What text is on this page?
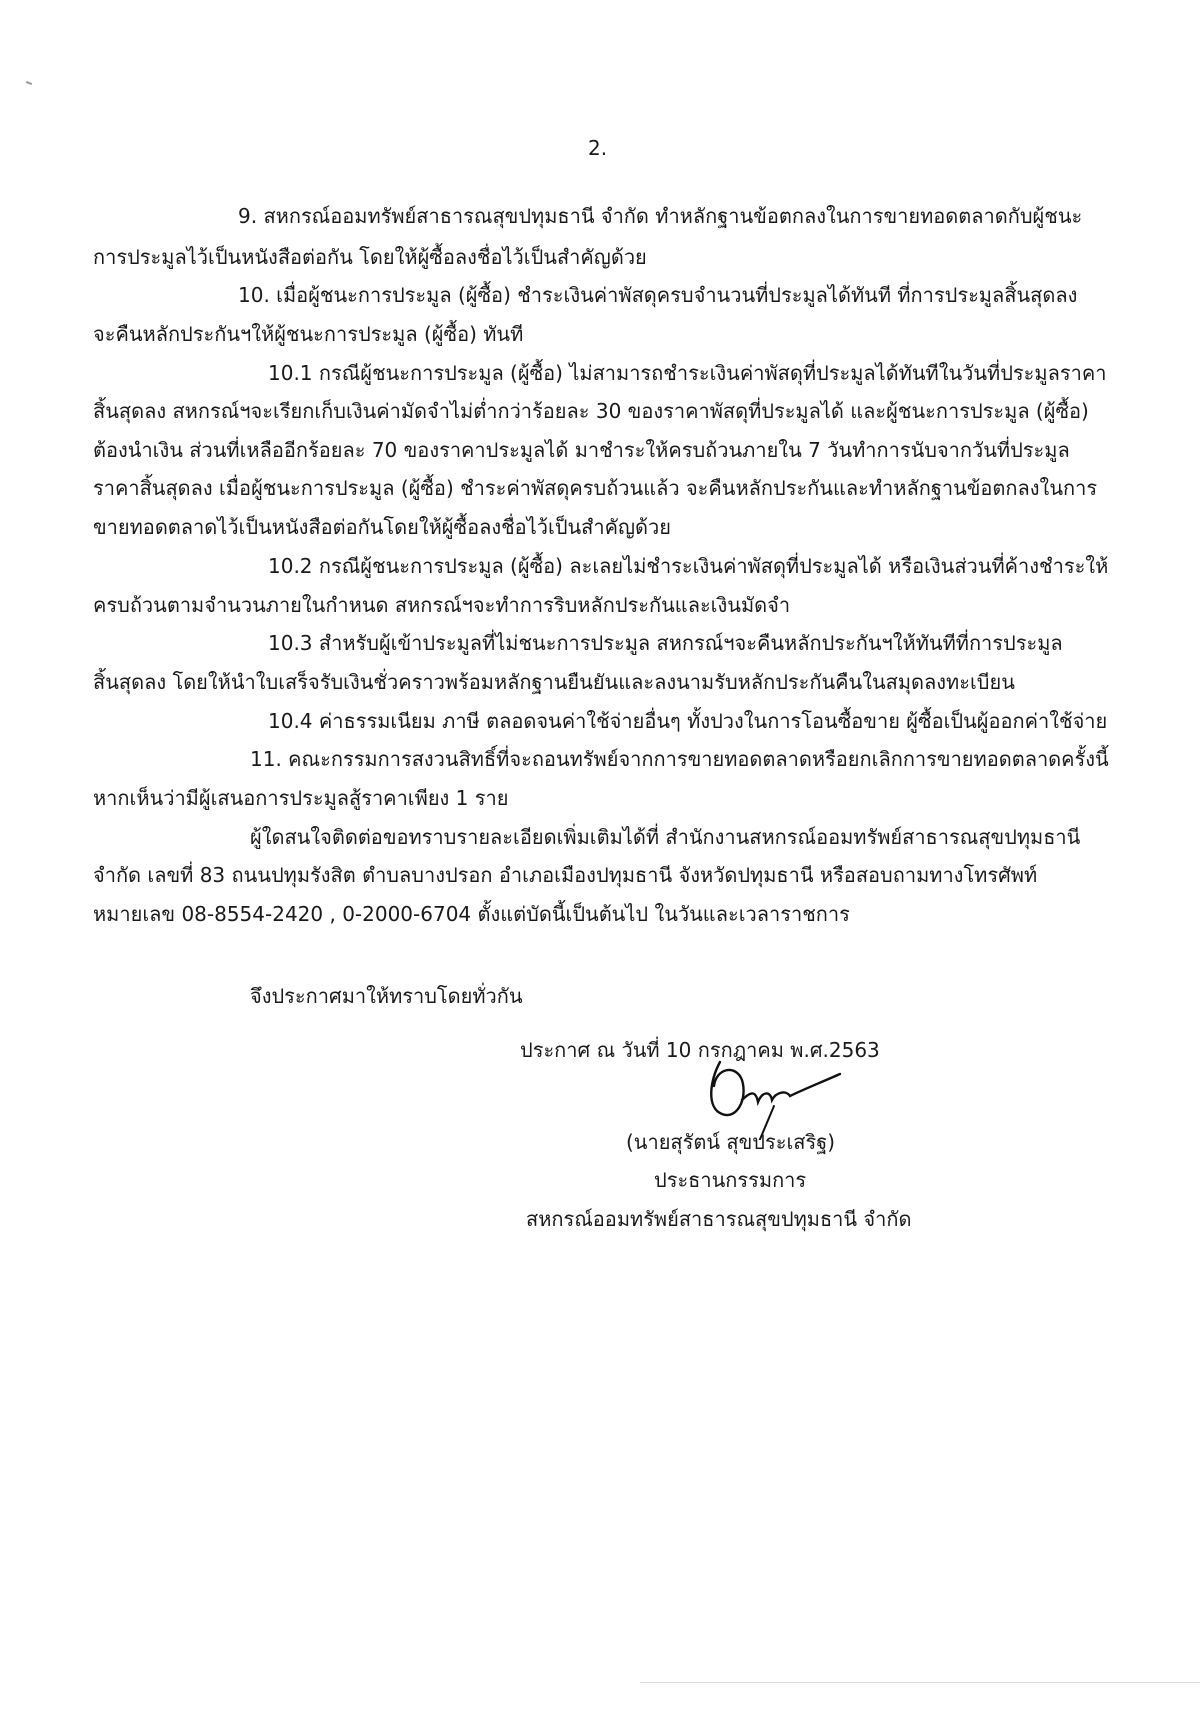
2.
9. สหกรณ์ออมทรัพย์สาธารณสุขปทุมธานี จำกัด ทำหลักฐานข้อตกลงในการขายทอดตลาดกับผู้ชนะ
การประมูลไว้เป็นหนังสือต่อกัน โดยให้ผู้ซื้อลงชื่อไว้เป็นสำคัญด้วย
10. เมื่อผู้ชนะการประมูล (ผู้ซื้อ) ชำระเงินค่าพัสดุครบจำนวนที่ประมูลได้ทันที ที่การประมูลสิ้นสุดลง
จะคืนหลักประกันฯให้ผู้ชนะการประมูล (ผู้ซื้อ) ทันที
10.1 กรณีผู้ชนะการประมูล (ผู้ซื้อ) ไม่สามารถชำระเงินค่าพัสดุที่ประมูลได้ทันทีในวันที่ประมูลราคา
สิ้นสุดลง สหกรณ์ฯจะเรียกเก็บเงินค่ามัดจำไม่ต่ำกว่าร้อยละ 30 ของราคาพัสดุที่ประมูลได้ และผู้ชนะการประมูล (ผู้ซื้อ)
ต้องนำเงิน ส่วนที่เหลืออีกร้อยละ 70 ของราคาประมูลได้ มาชำระให้ครบถ้วนภายใน 7 วันทำการนับจากวันที่ประมูล
ราคาสิ้นสุดลง เมื่อผู้ชนะการประมูล (ผู้ซื้อ) ชำระค่าพัสดุครบถ้วนแล้ว จะคืนหลักประกันและทำหลักฐานข้อตกลงในการ
ขายทอดตลาดไว้เป็นหนังสือต่อกันโดยให้ผู้ซื้อลงชื่อไว้เป็นสำคัญด้วย
10.2 กรณีผู้ชนะการประมูล (ผู้ซื้อ) ละเลยไม่ชำระเงินค่าพัสดุที่ประมูลได้ หรือเงินส่วนที่ค้างชำระให้
ครบถ้วนตามจำนวนภายในกำหนด สหกรณ์ฯจะทำการริบหลักประกันและเงินมัดจำ
10.3 สำหรับผู้เข้าประมูลที่ไม่ชนะการประมูล สหกรณ์ฯจะคืนหลักประกันฯให้ทันทีที่การประมูล
สิ้นสุดลง โดยให้นำใบเสร็จรับเงินชั่วคราวพร้อมหลักฐานยืนยันและลงนามรับหลักประกันคืนในสมุดลงทะเบียน
10.4 ค่าธรรมเนียม ภาษี ตลอดจนค่าใช้จ่ายอื่นๆ ทั้งปวงในการโอนซื้อขาย ผู้ซื้อเป็นผู้ออกค่าใช้จ่าย
11. คณะกรรมการสงวนสิทธิ์ที่จะถอนทรัพย์จากการขายทอดตลาดหรือยกเลิกการขายทอดตลาดครั้งนี้
หากเห็นว่ามีผู้เสนอการประมูลสู้ราคาเพียง 1 ราย
ผู้ใดสนใจติดต่อขอทราบรายละเอียดเพิ่มเติมได้ที่ สำนักงานสหกรณ์ออมทรัพย์สาธารณสุขปทุมธานี
จำกัด เลขที่ 83 ถนนปทุมรังสิต ตำบลบางปรอก อำเภอเมืองปทุมธานี จังหวัดปทุมธานี หรือสอบถามทางโทรศัพท์
หมายเลข 08-8554-2420 , 0-2000-6704 ตั้งแต่บัดนี้เป็นต้นไป ในวันและเวลาราชการ
จึงประกาศมาให้ทราบโดยทั่วกัน
ประกาศ ณ วันที่ 10 กรกฎาคม พ.ศ.2563
(นายสุรัตน์ สุขประเสริฐ)
ประธานกรรมการ
สหกรณ์ออมทรัพย์สาธารณสุขปทุมธานี จำกัด
